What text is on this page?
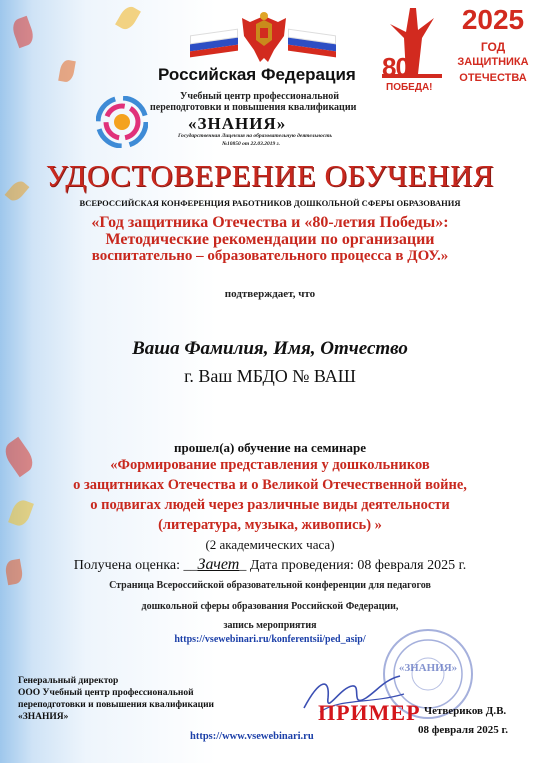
80
ПОБЕДА!
2025
ГОД
ЗАЩИТНИКА
ОТЕЧЕСТВА
Российская Федерация
Учебный центр профессиональной
переподготовки и повышения квалификации
«ЗНАНИЯ»
Государственная Лицензия на образовательную деятельность
№10850 от 22.03.2019 г.
УДОСТОВЕРЕНИЕ ОБУЧЕНИЯ
ВСЕРОССИЙСКАЯ КОНФЕРЕНЦИЯ РАБОТНИКОВ ДОШКОЛЬНОЙ СФЕРЫ ОБРАЗОВАНИЯ
«Год защитника Отечества и «80-летия Победы»:
Методические рекомендации по организации
воспитательно – образовательного процесса в ДОУ.»
подтверждает, что
Ваша Фамилия, Имя, Отчество
г. Ваш МБДО № ВАШ
прошел(а) обучение на семинаре
«Формирование представления у дошкольников
о защитниках Отечества и о Великой Отечественной войне,
о подвигах людей через различные виды деятельности
(литература, музыка, живопись) »
(2 академических часа)
Получена оценка: __Зачет_ Дата проведения: 08 февраля 2025 г.
Страница Всероссийской образовательной конференции для педагогов
дошкольной сферы образования Российской Федерации,
запись мероприятия
https://vsewebinari.ru/konferentsii/ped_asip/
«ЗНАНИЯ»
Генеральный директор
ООО Учебный центр профессиональной
переподготовки и повышения квалификации
«ЗНАНИЯ»	ПРИМЕР Четвериков Д.В.
08 февраля 2025 г.
https://www.vsewebinari.ru
